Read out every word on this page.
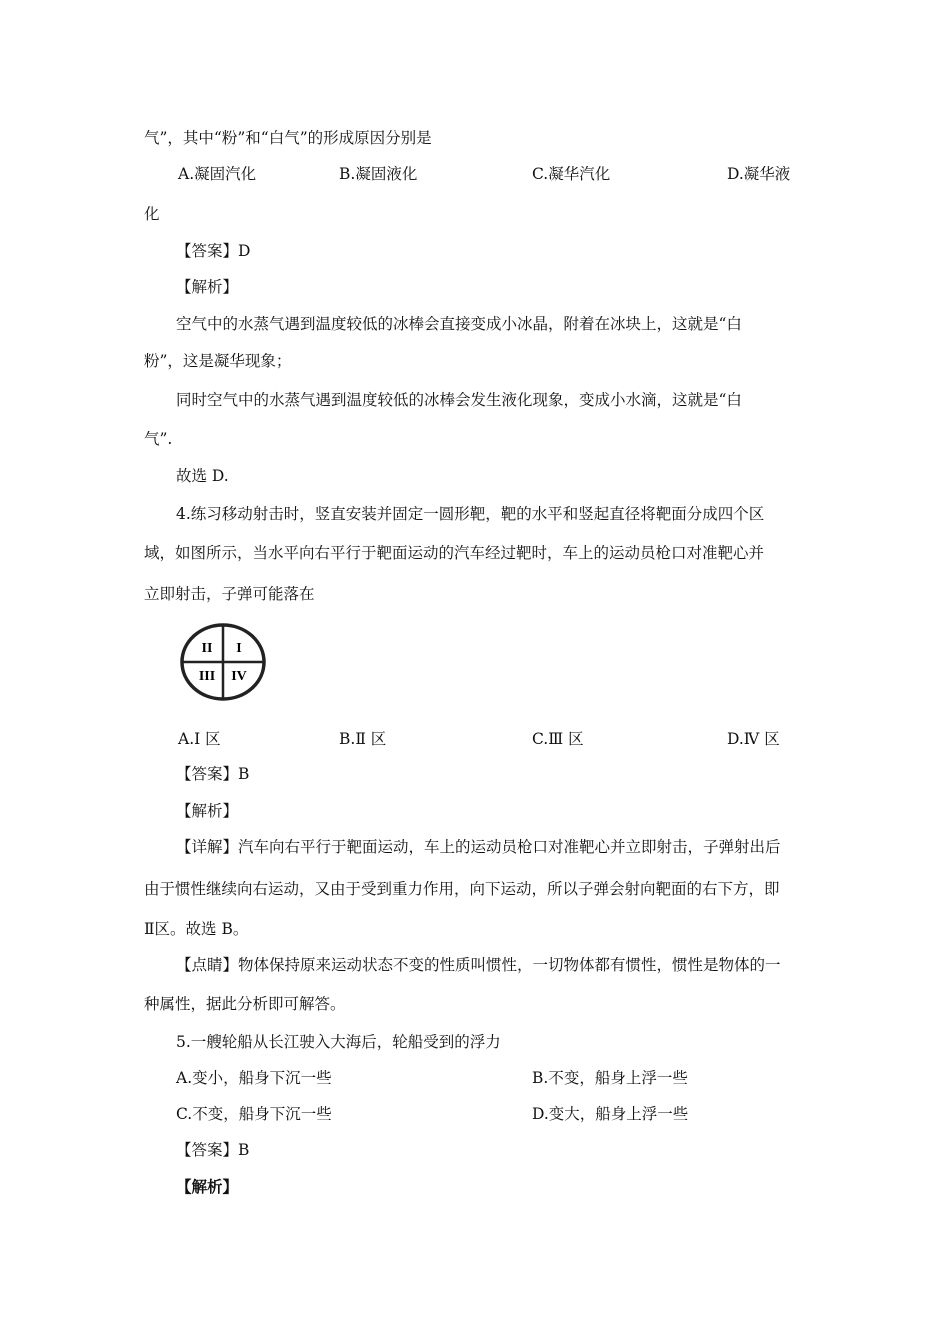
气”，其中“粉”和“白气”的形成原因分别是
A.凝固汽化	B.凝固液化	C.凝华汽化	D.凝华液
化
【答案】D
【解析】
空气中的水蒸气遇到温度较低的冰棒会直接变成小冰晶，附着在冰块上，这就是“白
粉”，这是凝华现象；
同时空气中的水蒸气遇到温度较低的冰棒会发生液化现象，变成小水滴，这就是“白
气”.
故选 D.
4.练习移动射击时，竖直安装并固定一圆形靶，靶的水平和竖起直径将靶面分成四个区
域，如图所示，当水平向右平行于靶面运动的汽车经过靶时，车上的运动员枪口对准靶心并
立即射击，子弹可能落在
II I
III IV
A.Ⅰ 区	B.Ⅱ 区	C.Ⅲ 区	D.Ⅳ 区
【答案】B
【解析】
【详解】汽车向右平行于靶面运动，车上的运动员枪口对准靶心并立即射击，子弹射出后
由于惯性继续向右运动，又由于受到重力作用，向下运动，所以子弹会射向靶面的右下方，即
Ⅱ区。故选 B。
【点睛】物体保持原来运动状态不变的性质叫惯性，一切物体都有惯性，惯性是物体的一
种属性，据此分析即可解答。
5.一艘轮船从长江驶入大海后，轮船受到的浮力
A.变小，船身下沉一些	B.不变，船身上浮一些
C.不变，船身下沉一些	D.变大，船身上浮一些
【答案】B
【解析】
